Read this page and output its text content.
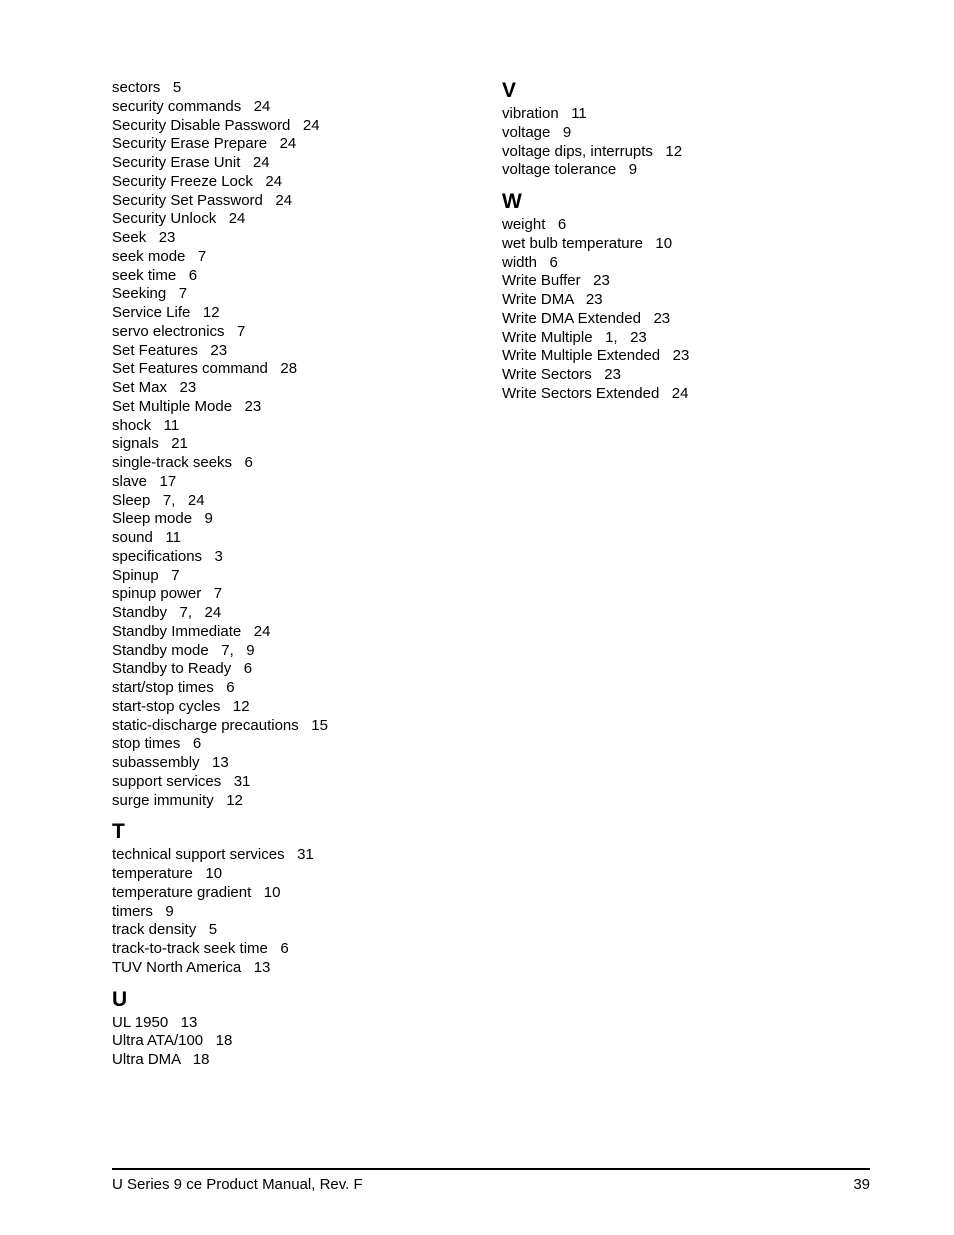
sectors   5
security commands   24
Security Disable Password   24
Security Erase Prepare   24
Security Erase Unit   24
Security Freeze Lock   24
Security Set Password   24
Security Unlock   24
Seek   23
seek mode   7
seek time   6
Seeking   7
Service Life   12
servo electronics   7
Set Features   23
Set Features command   28
Set Max   23
Set Multiple Mode   23
shock   11
signals   21
single-track seeks   6
slave   17
Sleep   7,   24
Sleep mode   9
sound   11
specifications   3
Spinup   7
spinup power   7
Standby   7,   24
Standby Immediate   24
Standby mode   7,   9
Standby to Ready   6
start/stop times   6
start-stop cycles   12
static-discharge precautions   15
stop times   6
subassembly   13
support services   31
surge immunity   12
T
technical support services   31
temperature   10
temperature gradient   10
timers   9
track density   5
track-to-track seek time   6
TUV North America   13
U
UL 1950   13
Ultra ATA/100   18
Ultra DMA   18
V
vibration   11
voltage   9
voltage dips, interrupts   12
voltage tolerance   9
W
weight   6
wet bulb temperature   10
width   6
Write Buffer   23
Write DMA   23
Write DMA Extended   23
Write Multiple   1,   23
Write Multiple Extended   23
Write Sectors   23
Write Sectors Extended   24
U Series 9 ce Product Manual, Rev. F	39
